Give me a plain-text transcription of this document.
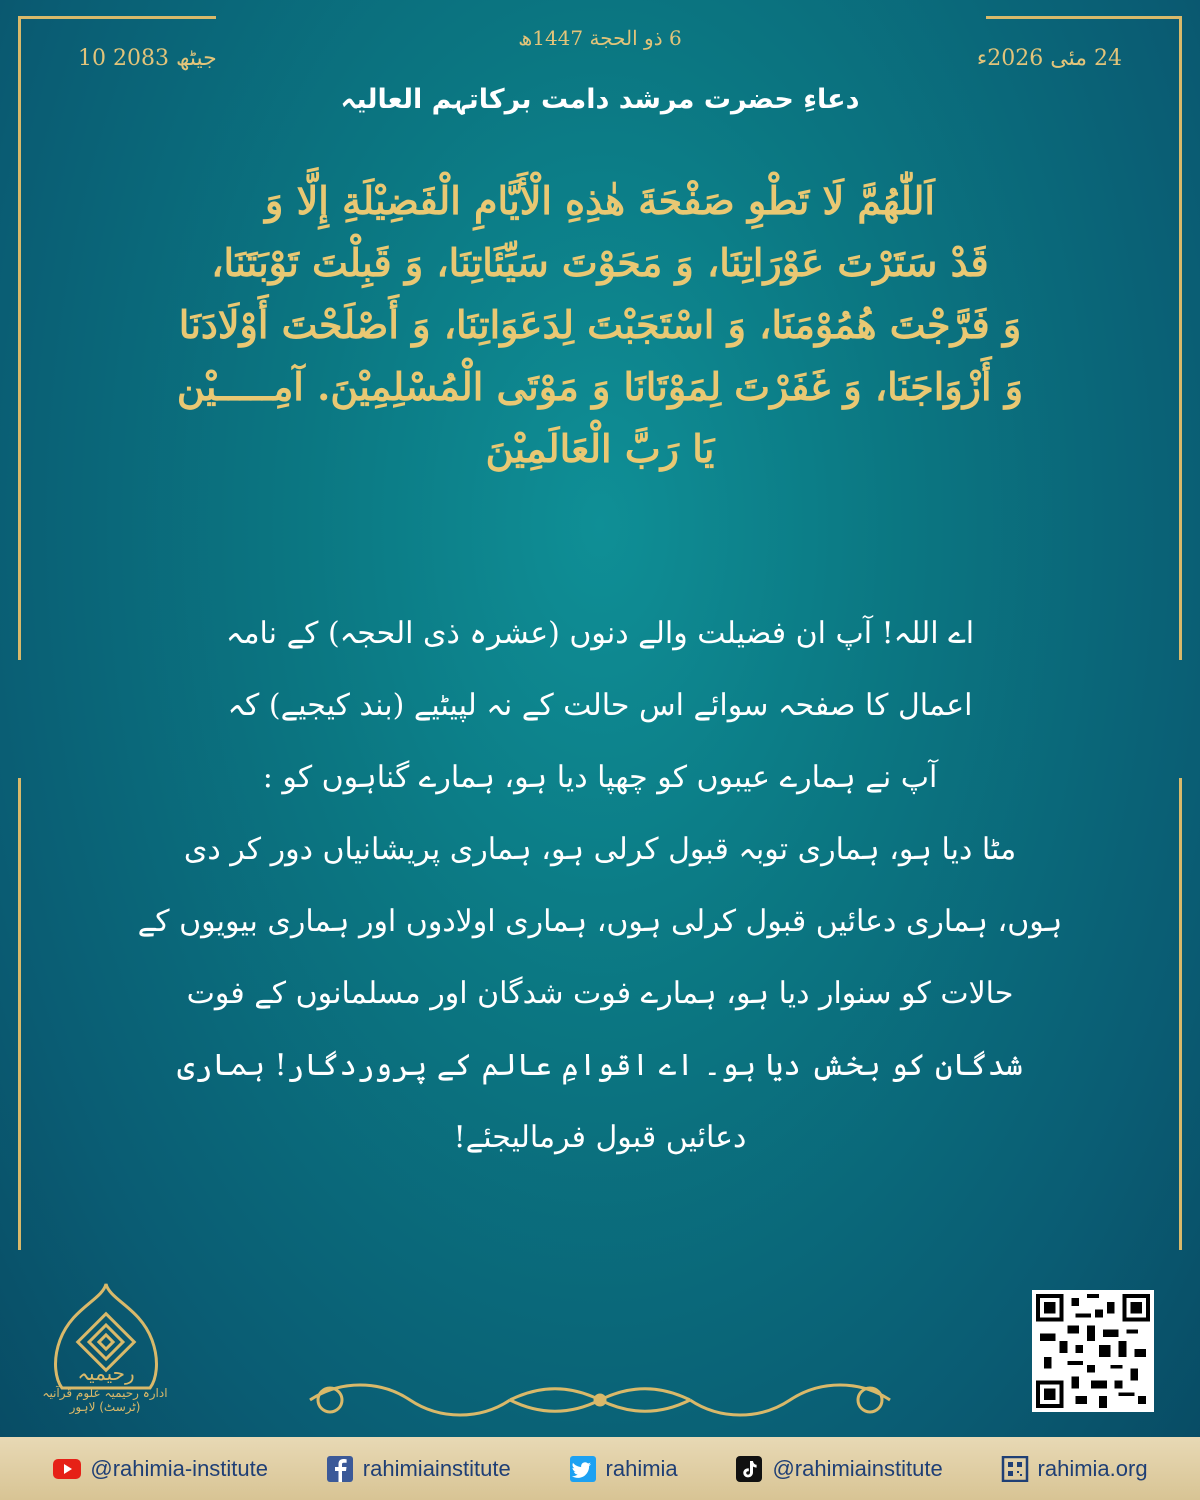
10 جیٹھ 2083
6 ذو الحجة 1447ھ
24 مئی 2026ء
دعاءِ حضرت مرشد دامت برکاتہم العالیہ
اَللّٰهُمَّ لَا تَطْوِ صَفْحَةَ هٰذِهِ الْأَيَّامِ الْفَضِيْلَةِ إِلَّا وَ
قَدْ سَتَرْتَ عَوْرَاتِنَا، وَ مَحَوْتَ سَيِّئَاتِنَا، وَ قَبِلْتَ تَوْبَتَنَا،
وَ فَرَّجْتَ هُمُوْمَنَا، وَ اسْتَجَبْتَ لِدَعَوَاتِنَا، وَ أَصْلَحْتَ أَوْلَادَنَا
وَ أَزْوَاجَنَا، وَ غَفَرْتَ لِمَوْتَانَا وَ مَوْتَى الْمُسْلِمِيْنَ. آمِـــــيْن
يَا رَبَّ الْعَالَمِيْنَ
اے اللہ! آپ ان فضیلت والے دنوں (عشرہ ذی الحجہ) کے نامہ
اعمال کا صفحہ سوائے اس حالت کے نہ لپیٹیے (بند کیجیے) کہ
آپ نے ہمارے عیبوں کو چھپا دیا ہو، ہمارے گناہوں کو :
مٹا دیا ہو، ہماری توبہ قبول کرلی ہو، ہماری پریشانیاں دور کر دی
ہوں، ہماری دعائیں قبول کرلی ہوں، ہماری اولادوں اور ہماری بیویوں کے
حالات کو سنوار دیا ہو، ہمارے فوت شدگان اور مسلمانوں کے فوت
شدگان کو بخش دیا ہو۔ اے اقوامِ عالم کے پروردگار! ہماری
دعائیں قبول فرمالیجئے!
رحیمیہ
ادارہ رحیمیہ علوم قرآنیہ (ٹرسٹ) لاہور
@rahimia-institute	rahimiainstitute	rahimia	@rahimiainstitute	rahimia.org
